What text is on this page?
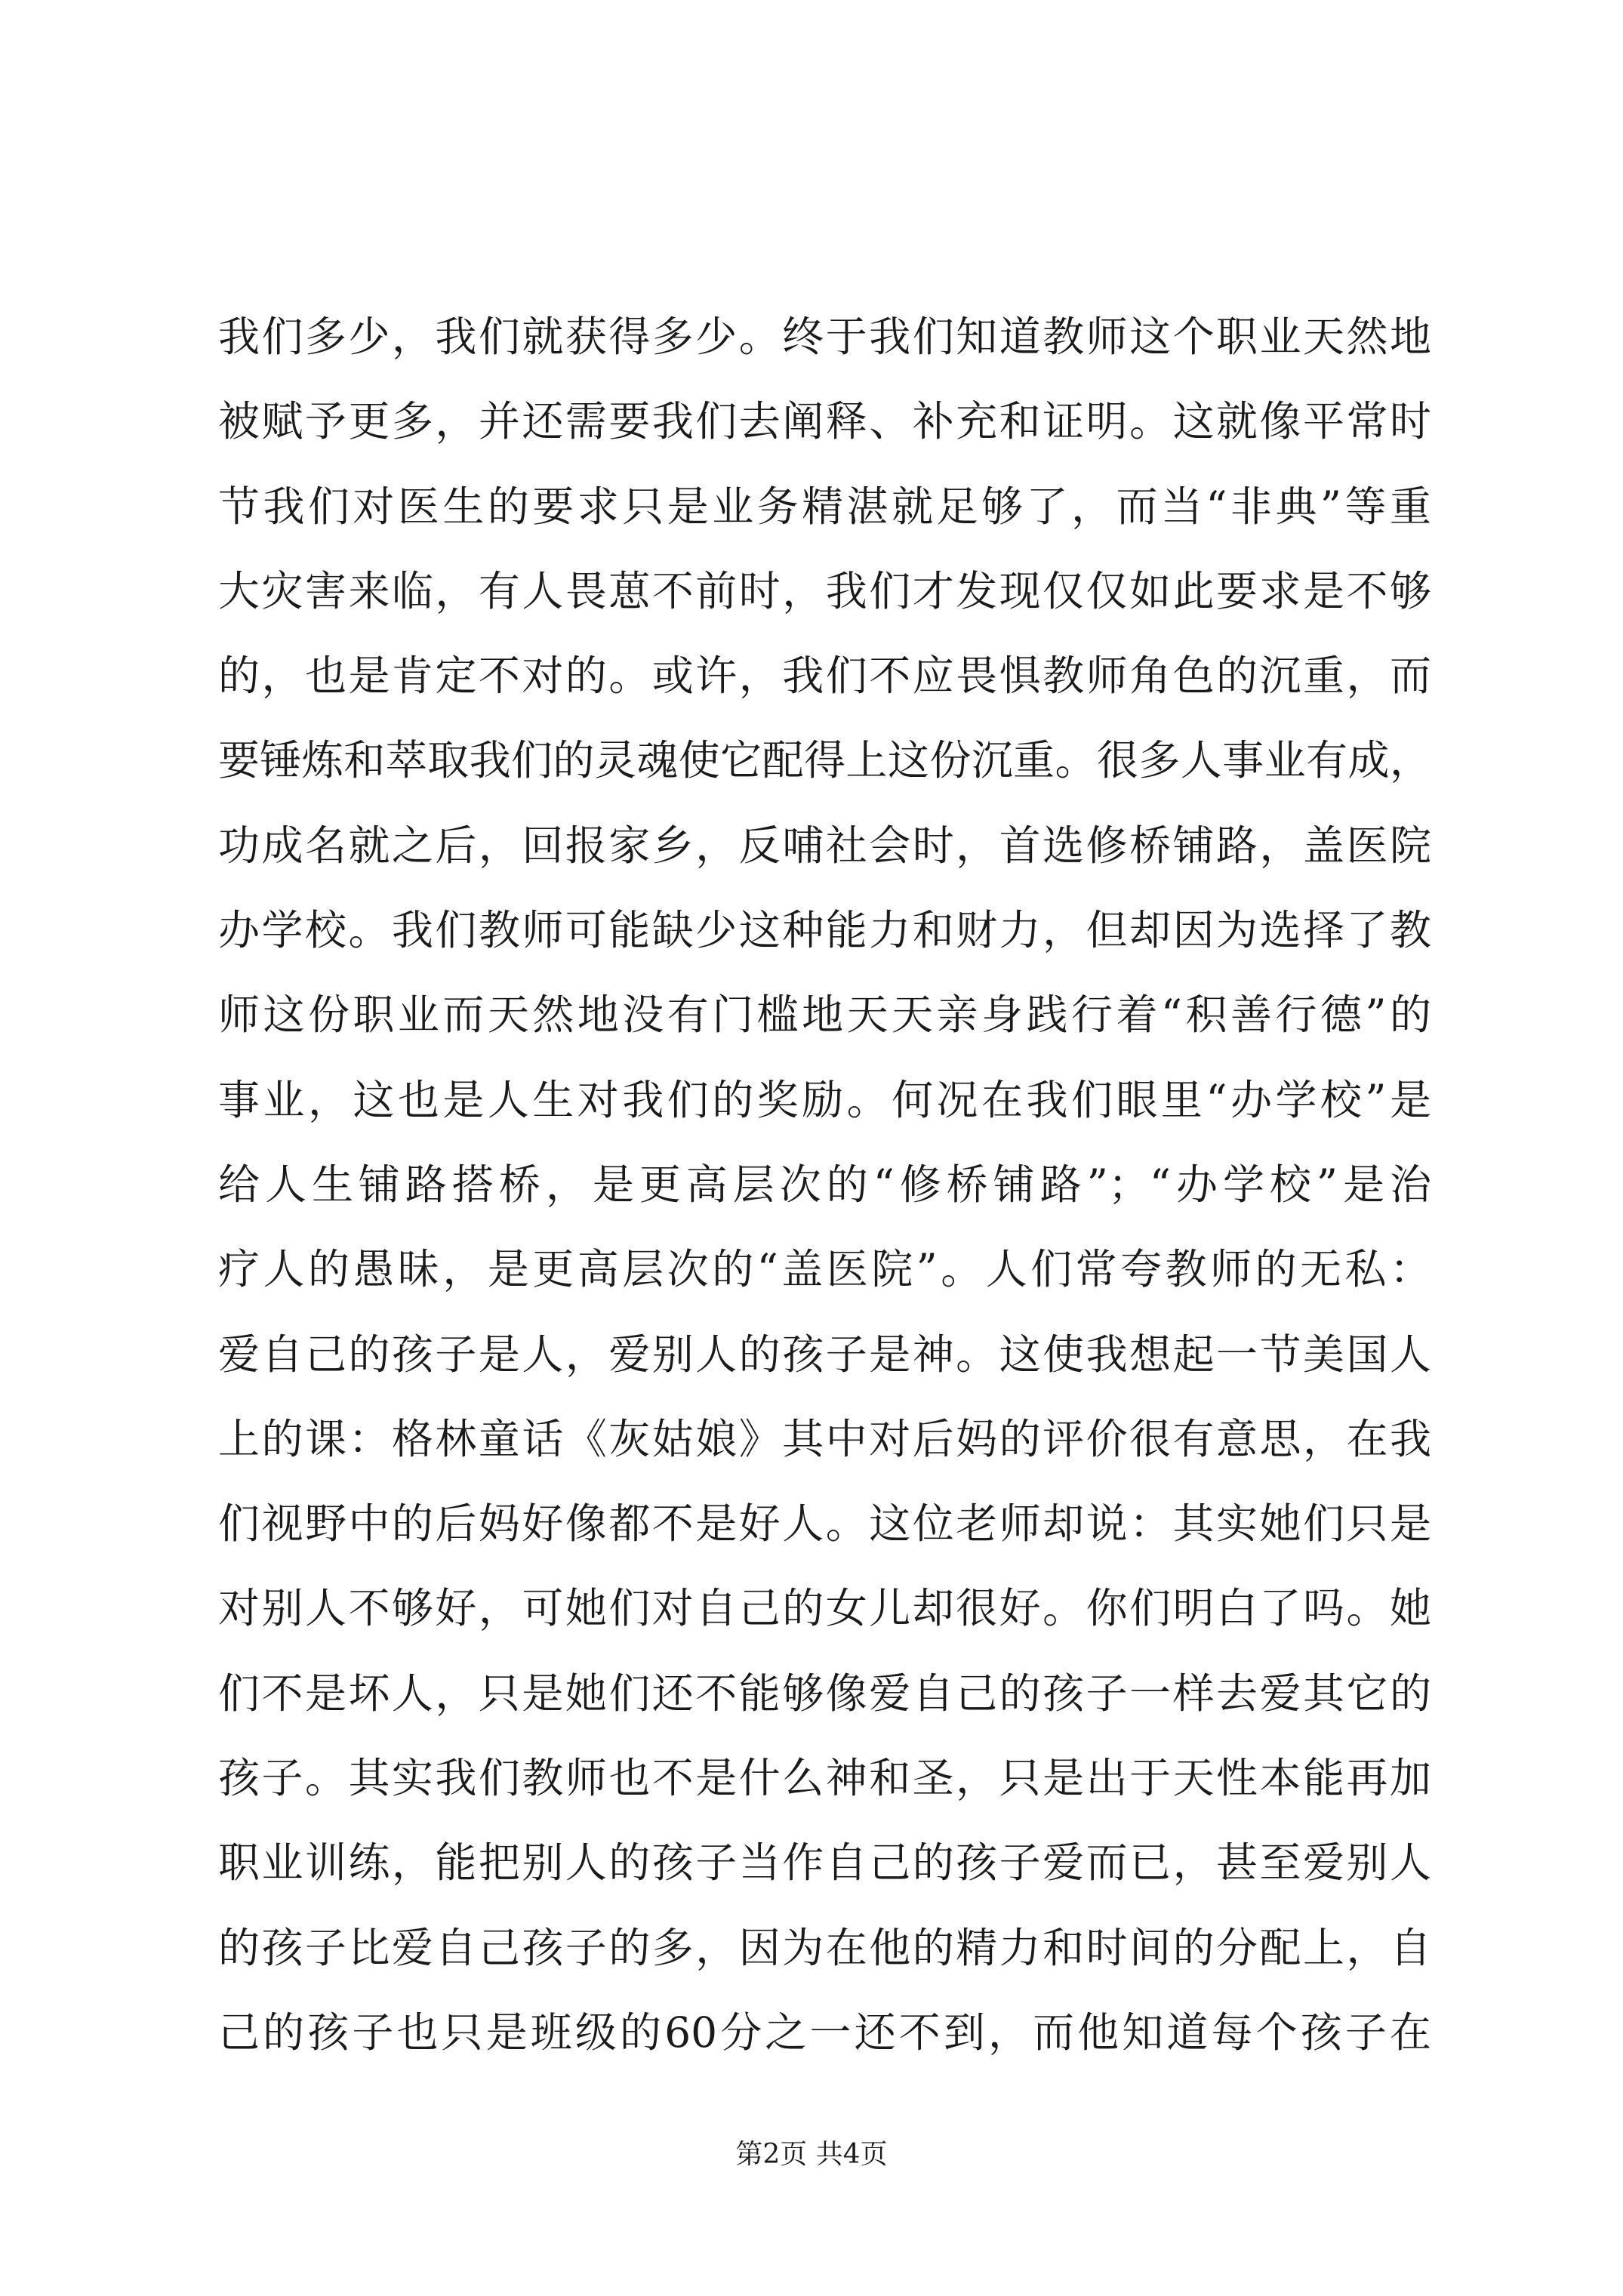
我们多少，我们就获得多少。终于我们知道教师这个职业天然地
被赋予更多，并还需要我们去阐释、补充和证明。这就像平常时
节我们对医生的要求只是业务精湛就足够了，而当“非典”等重
大灾害来临，有人畏葸不前时，我们才发现仅仅如此要求是不够
的，也是肯定不对的。或许，我们不应畏惧教师角色的沉重，而
要锤炼和萃取我们的灵魂使它配得上这份沉重。很多人事业有成，
功成名就之后，回报家乡，反哺社会时，首选修桥铺路，盖医院
办学校。我们教师可能缺少这种能力和财力，但却因为选择了教
师这份职业而天然地没有门槛地天天亲身践行着“积善行德”的
事业，这也是人生对我们的奖励。何况在我们眼里“办学校”是
给人生铺路搭桥，是更高层次的“修桥铺路”；“办学校”是治
疗人的愚昧，是更高层次的“盖医院”。人们常夸教师的无私：
爱自己的孩子是人，爱别人的孩子是神。这使我想起一节美国人
上的课：格林童话《灰姑娘》其中对后妈的评价很有意思，在我
们视野中的后妈好像都不是好人。这位老师却说：其实她们只是
对别人不够好，可她们对自己的女儿却很好。你们明白了吗。她
们不是坏人，只是她们还不能够像爱自己的孩子一样去爱其它的
孩子。其实我们教师也不是什么神和圣，只是出于天性本能再加
职业训练，能把别人的孩子当作自己的孩子爱而已，甚至爱别人
的孩子比爱自己孩子的多，因为在他的精力和时间的分配上，自
己的孩子也只是班级的60分之一还不到，而他知道每个孩子在
第2页 共4页
